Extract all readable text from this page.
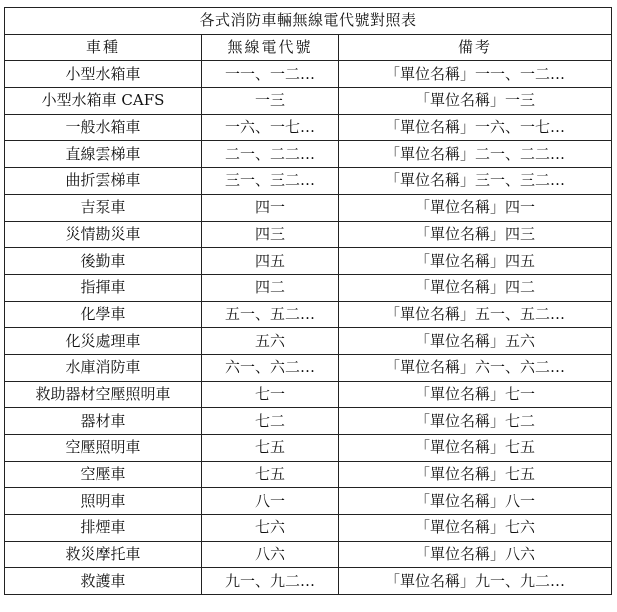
各式消防車輛無線電代號對照表		
車種	無線電代號	備考
小型水箱車	一一、一二…	「單位名稱」一一、一二…
小型水箱車 CAFS	一三	「單位名稱」一三
一般水箱車	一六、一七…	「單位名稱」一六、一七…
直線雲梯車	二一、二二…	「單位名稱」二一、二二…
曲折雲梯車	三一、三二…	「單位名稱」三一、三二…
吉泵車	四一	「單位名稱」四一
災情勘災車	四三	「單位名稱」四三
後勤車	四五	「單位名稱」四五
指揮車	四二	「單位名稱」四二
化學車	五一、五二…	「單位名稱」五一、五二…
化災處理車	五六	「單位名稱」五六
水庫消防車	六一、六二…	「單位名稱」六一、六二…
救助器材空壓照明車	七一	「單位名稱」七一
器材車	七二	「單位名稱」七二
空壓照明車	七五	「單位名稱」七五
空壓車	七五	「單位名稱」七五
照明車	八一	「單位名稱」八一
排煙車	七六	「單位名稱」七六
救災摩托車	八六	「單位名稱」八六
救護車	九一、九二…	「單位名稱」九一、九二…
